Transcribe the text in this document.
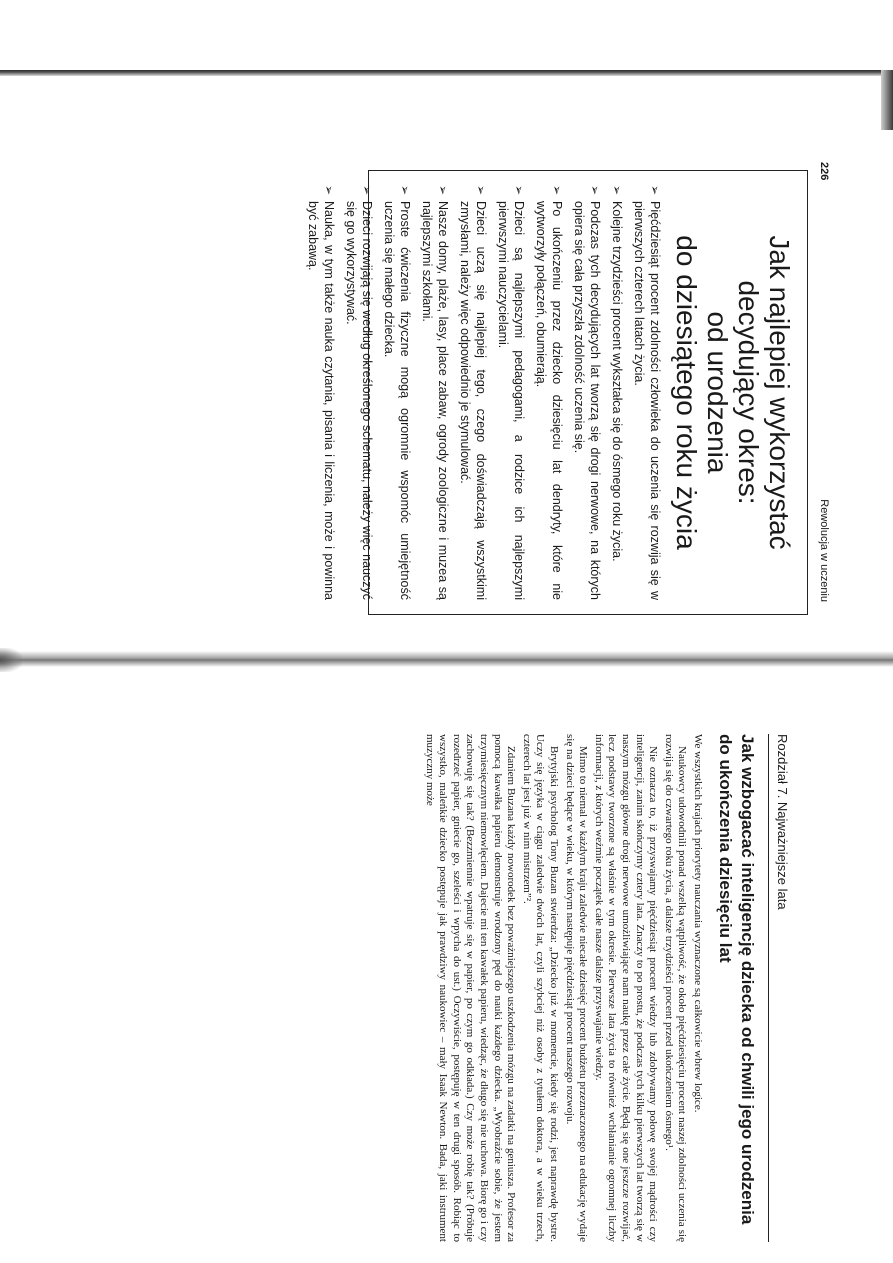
226
Rewolucja w uczeniu
Jak najlepiej wykorzystać
decydujący okres:
od urodzenia
do dziesiątego roku życia
➢ Pięćdziesiąt procent zdolności człowieka do uczenia się rozwija się w pierwszych czterech latach życia.
➢ Kolejne trzydzieści procent wykształca się do ósmego roku życia.
➢ Podczas tych decydujących lat tworzą się drogi nerwowe, na których opiera się cała przyszła zdolność uczenia się.
➢ Po ukończeniu przez dziecko dziesięciu lat dendryty, które nie wytworzyły połączeń, obumierają.
➢ Dzieci są najlepszymi pedagogami, a rodzice ich najlepszymi pierwszymi nauczycielami.
➢ Dzieci uczą się najlepiej tego, czego doświadczają wszystkimi zmysłami, należy więc odpowiednio je stymulować.
➢ Nasze domy, plaże, lasy, place zabaw, ogrody zoologiczne i muzea są najlepszymi szkołami.
➢ Proste ćwiczenia fizyczne mogą ogromnie wspomóc umiejętność uczenia się małego dziecka.
➢ Dzieci rozwijają się według określonego schematu, należy więc nauczyć się go wykorzystywać.
➢ Nauka, w tym także nauka czytania, pisania i liczenia, może i powinna być zabawą.
Rozdział 7. Najważniejsze lata
Jak wzbogacać inteligencję dziecka od chwili jego urodzenia do ukończenia dziesięciu lat

We wszystkich krajach priorytety nauczania wyznaczone są całkowicie wbrew logice.

Naukowcy udowodnili ponad wszelką wątpliwość, że około pięćdziesięciu procent naszej zdolności uczenia się rozwija się do czwartego roku życia, a dalsze trzydzieści procent przed ukończeniem ósmego¹.

Nie oznacza to, iż przyswajamy pięćdziesiąt procent wiedzy lub zdobywamy połowę swojej mądrości czy inteligencji, zanim skończymy cztery lata. Znaczy to po prostu, że podczas tych kilku pierwszych lat tworzą się w naszym mózgu główne drogi nerwowe umożliwiające nam naukę przez całe życie. Będą się one jeszcze rozwijać, lecz podstawy tworzone są właśnie w tym okresie. Pierwsze lata życia to również wchłanianie ogromnej liczby informacji, z których weźmie początek całe nasze dalsze przyswajanie wiedzy.

Mimo to niemal w każdym kraju zaledwie niecałe dziesięć procent budżetu przeznaczonego na edukację wydaje się na dzieci będące w wieku, w którym następuje pięćdziesiąt procent naszego rozwoju.

Brytyjski psycholog Tony Buzan stwierdza: „Dziecko już w momencie, kiedy się rodzi, jest naprawdę bystre. Uczy się języka w ciągu zaledwie dwóch lat, czyli szybciej niż osoby z tytułem doktora, a w wieku trzech, czterech lat jest już w nim mistrzem”².

Zdaniem Buzana każdy noworodek bez poważniejszego uszkodzenia mózgu na zadatki na geniusza. Profesor za pomocą kawałka papieru demonstruje wrodzony pęd do nauki każdego dziecka. „Wyobraźcie sobie, że jestem trzymiesięcznym niemowlęciem. Dajecie mi ten kawałek papieru, wiedząc, że długo się nie uchowa. Biorę go i czy zachowuję się tak? (Bezzmiennie wpatruje się w papier, po czym go odkłada.) Czy może robię tak? (Próbuje rozedrzeć papier, gniecie go, szeleści i wpycha do ust.) Oczywiście, postępuję w ten drugi sposób. Robiąc to wszystko, maleńkie dziecko postępuje jak prawdziwy naukowiec – mały Isaak Newton. Bada, jaki instrument muzyczny może
